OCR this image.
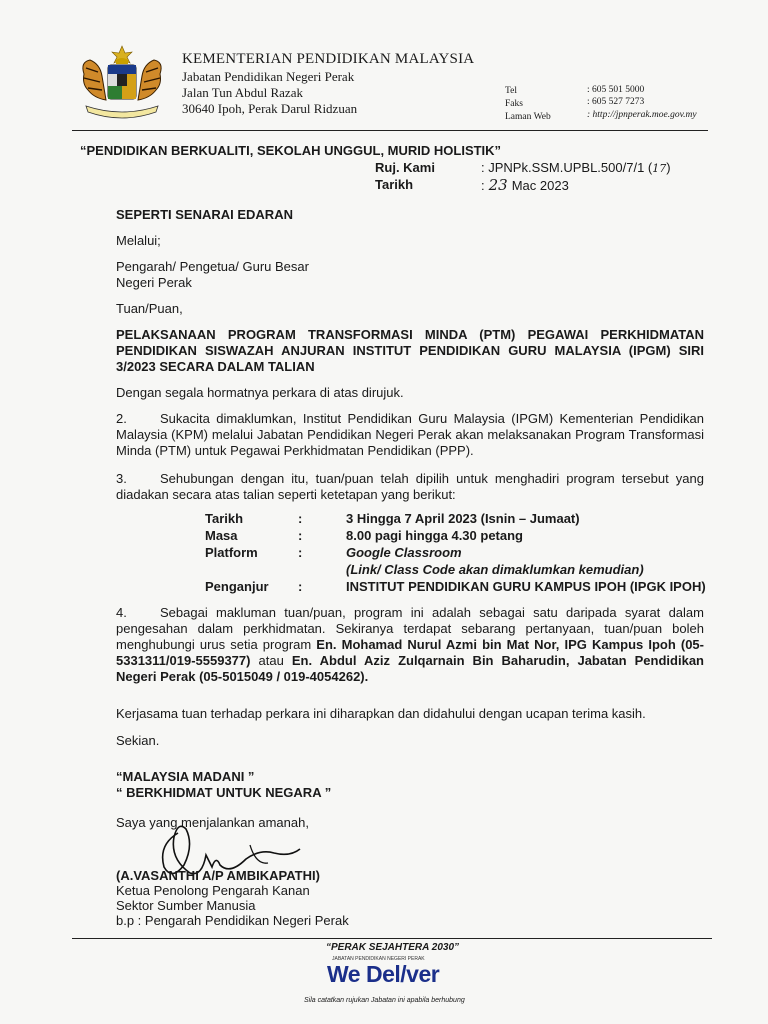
KEMENTERIAN PENDIDIKAN MALAYSIA
Jabatan Pendidikan Negeri Perak
Jalan Tun Abdul Razak
30640 Ipoh, Perak Darul Ridzuan
Tel	: 605 501 5000
Faks	: 605 527 7273
Laman Web	: http://jpnperak.moe.gov.my
“PENDIDIKAN BERKUALITI, SEKOLAH UNGGUL, MURID HOLISTIK”
Ruj. Kami	: JPNPk.SSM.UPBL.500/7/1 (17)
Tarikh	: 23 Mac 2023
SEPERTI SENARAI EDARAN
Melalui;
Pengarah/ Pengetua/ Guru Besar
Negeri Perak
Tuan/Puan,
PELAKSANAAN PROGRAM TRANSFORMASI MINDA (PTM) PEGAWAI PERKHIDMATAN PENDIDIKAN SISWAZAH ANJURAN INSTITUT PENDIDIKAN GURU MALAYSIA (IPGM) SIRI 3/2023 SECARA DALAM TALIAN
Dengan segala hormatnya perkara di atas dirujuk.
2.	Sukacita dimaklumkan, Institut Pendidikan Guru Malaysia (IPGM) Kementerian Pendidikan Malaysia (KPM) melalui Jabatan Pendidikan Negeri Perak akan melaksanakan Program Transformasi Minda (PTM) untuk Pegawai Perkhidmatan Pendidikan (PPP).
3.	Sehubungan dengan itu, tuan/puan telah dipilih untuk menghadiri program tersebut yang diadakan secara atas talian seperti ketetapan yang berikut:
Tarikh	:	3 Hingga 7 April 2023 (Isnin – Jumaat)
Masa	:	8.00 pagi hingga 4.30 petang
Platform	:	Google Classroom
(Link/ Class Code akan dimaklumkan kemudian)
Penganjur :	INSTITUT PENDIDIKAN GURU KAMPUS IPOH (IPGK IPOH)
4.	Sebagai makluman tuan/puan, program ini adalah sebagai satu daripada syarat dalam pengesahan dalam perkhidmatan. Sekiranya terdapat sebarang pertanyaan, tuan/puan boleh menghubungi urus setia program En. Mohamad Nurul Azmi bin Mat Nor, IPG Kampus Ipoh (05-5331311/019-5559377) atau En. Abdul Aziz Zulqarnain Bin Baharudin, Jabatan Pendidikan Negeri Perak (05-5015049 / 019-4054262).
Kerjasama tuan terhadap perkara ini diharapkan dan didahului dengan ucapan terima kasih.
Sekian.
“MALAYSIA MADANI ”
“ BERKHIDMAT UNTUK NEGARA ”
Saya yang menjalankan amanah,
(A.VASANTHI A/P AMBIKAPATHI)
Ketua Penolong Pengarah Kanan
Sektor Sumber Manusia
b.p : Pengarah Pendidikan Negeri Perak
“PERAK SEJAHTERA 2030”
JABATAN PENDIDIKAN NEGERI PERAK
We Del/ver
Sila catatkan rujukan Jabatan ini apabila berhubung
